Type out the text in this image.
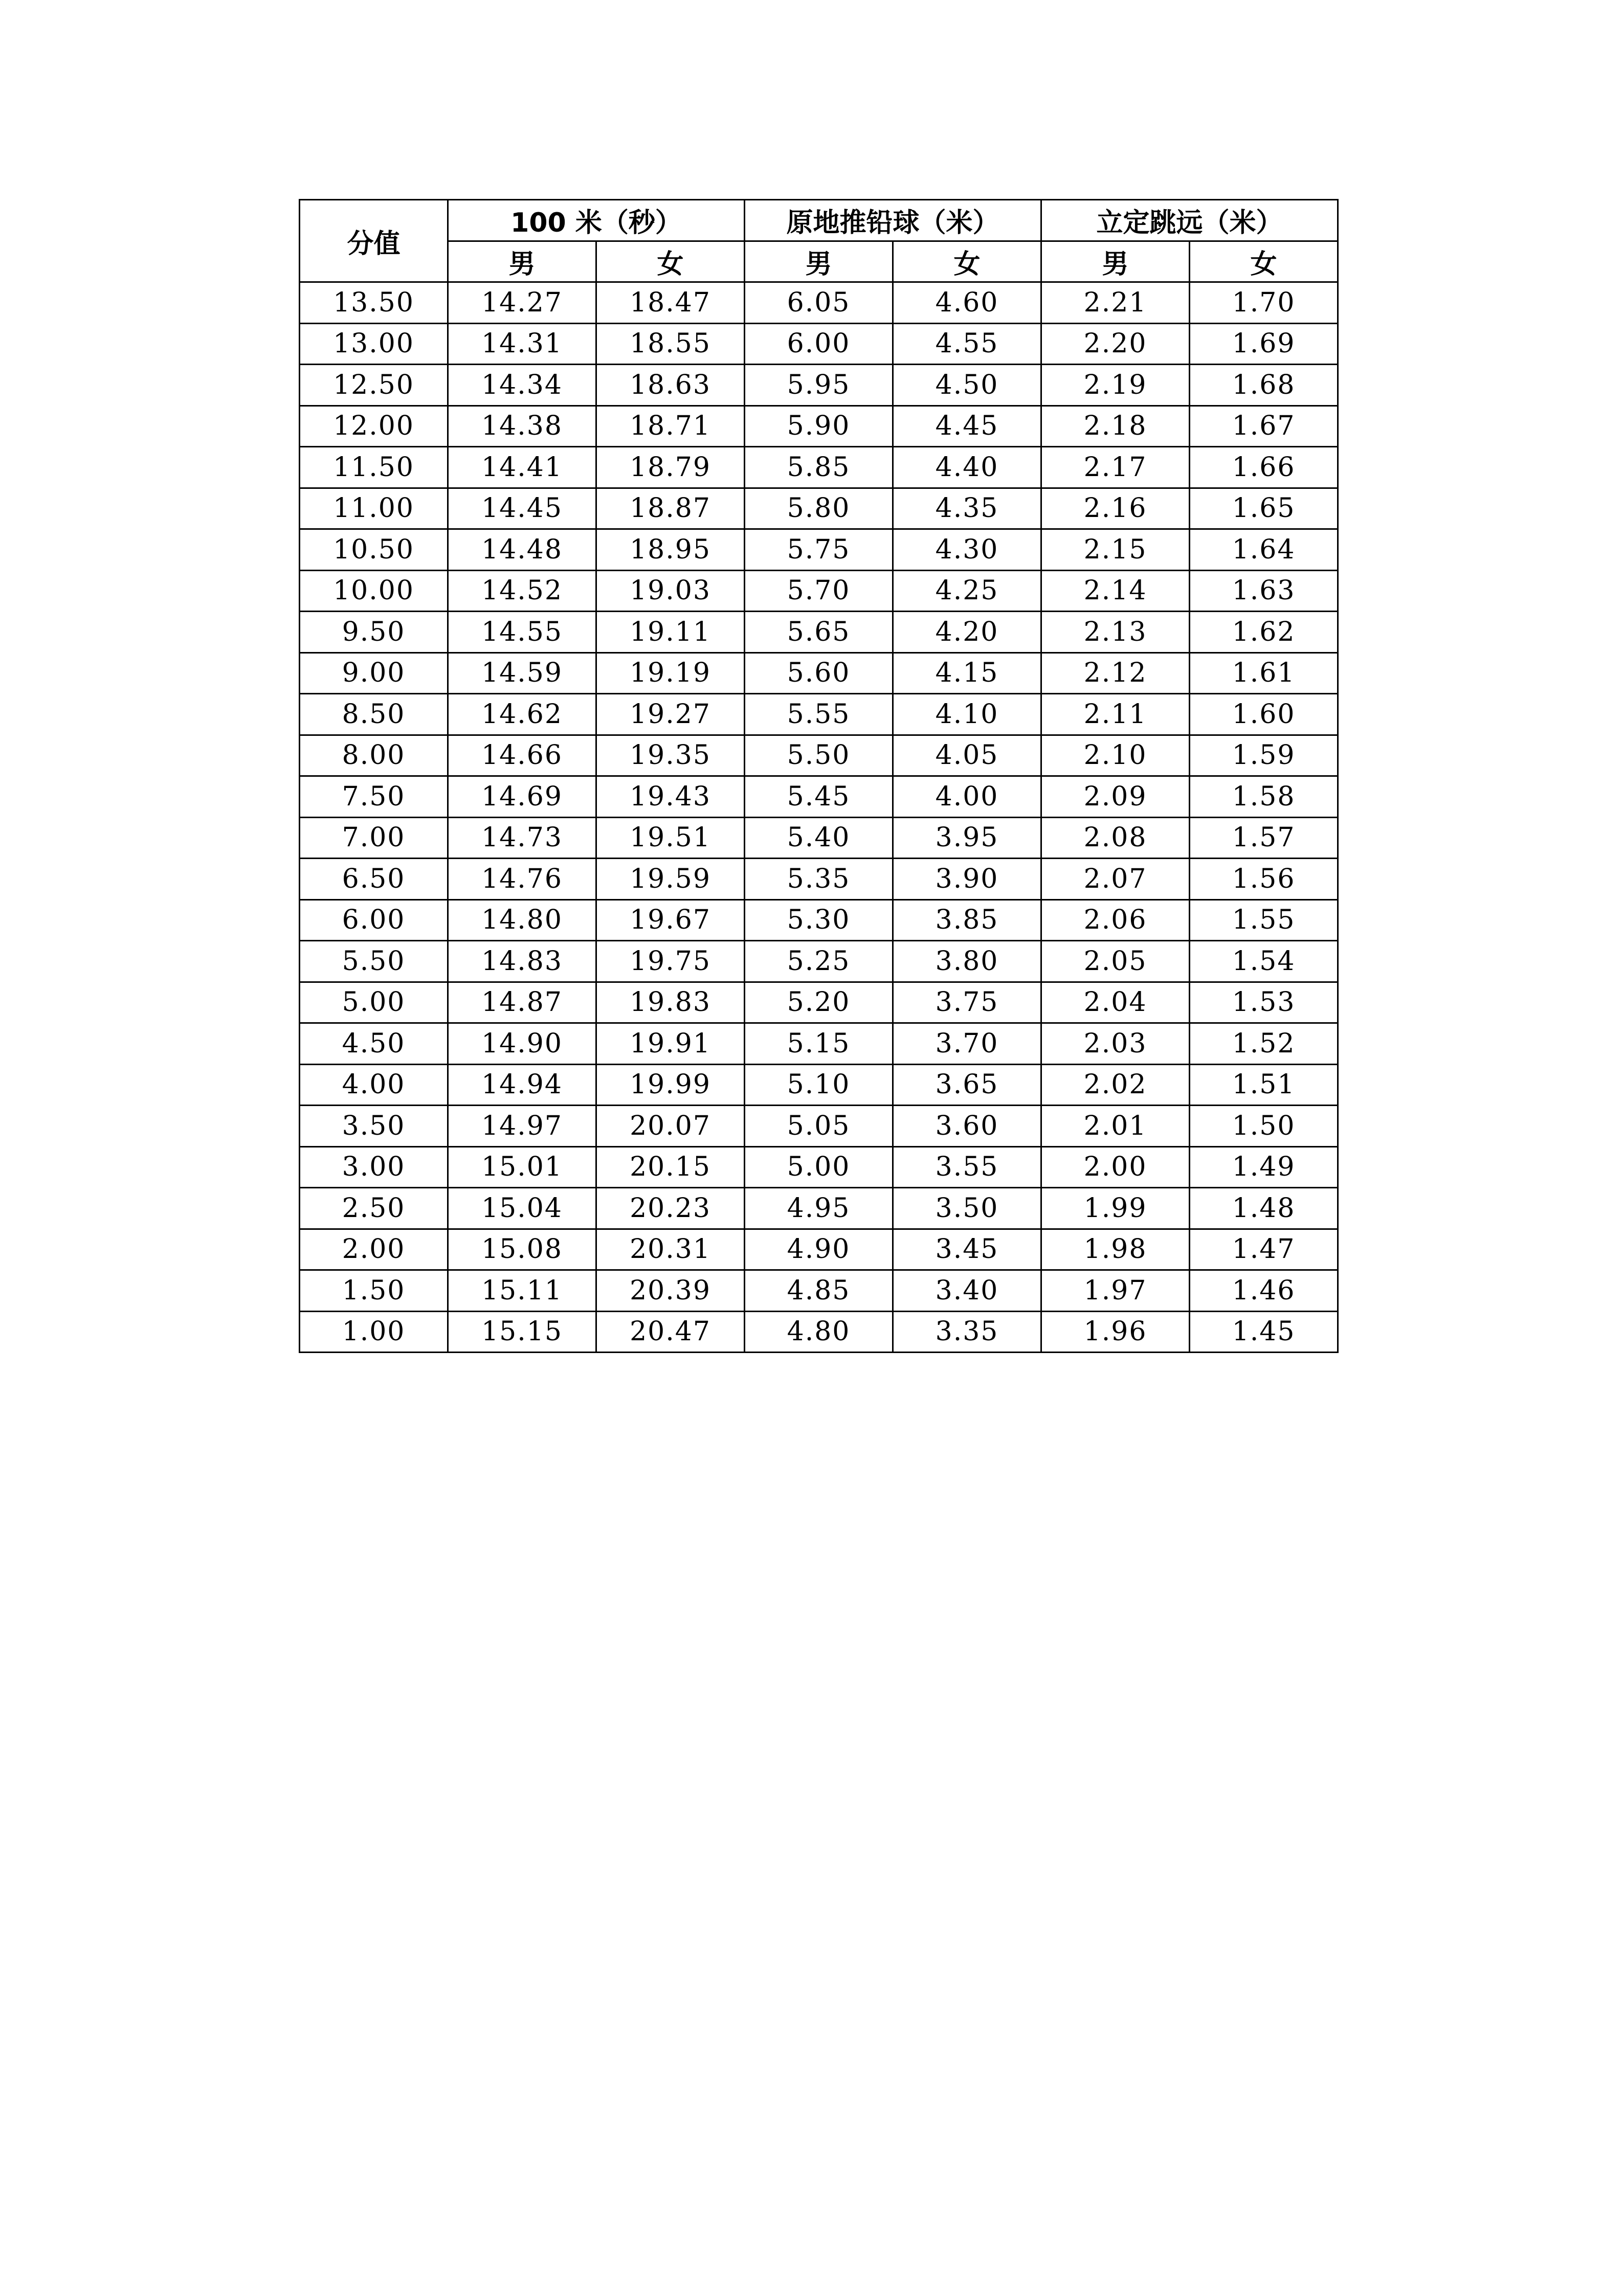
分值	100 米（秒）		原地推铅球（米）		立定跳远（米）	
	男	女	男	女	男	女
13.50	14.27	18.47	6.05	4.60	2.21	1.70
13.00	14.31	18.55	6.00	4.55	2.20	1.69
12.50	14.34	18.63	5.95	4.50	2.19	1.68
12.00	14.38	18.71	5.90	4.45	2.18	1.67
11.50	14.41	18.79	5.85	4.40	2.17	1.66
11.00	14.45	18.87	5.80	4.35	2.16	1.65
10.50	14.48	18.95	5.75	4.30	2.15	1.64
10.00	14.52	19.03	5.70	4.25	2.14	1.63
9.50	14.55	19.11	5.65	4.20	2.13	1.62
9.00	14.59	19.19	5.60	4.15	2.12	1.61
8.50	14.62	19.27	5.55	4.10	2.11	1.60
8.00	14.66	19.35	5.50	4.05	2.10	1.59
7.50	14.69	19.43	5.45	4.00	2.09	1.58
7.00	14.73	19.51	5.40	3.95	2.08	1.57
6.50	14.76	19.59	5.35	3.90	2.07	1.56
6.00	14.80	19.67	5.30	3.85	2.06	1.55
5.50	14.83	19.75	5.25	3.80	2.05	1.54
5.00	14.87	19.83	5.20	3.75	2.04	1.53
4.50	14.90	19.91	5.15	3.70	2.03	1.52
4.00	14.94	19.99	5.10	3.65	2.02	1.51
3.50	14.97	20.07	5.05	3.60	2.01	1.50
3.00	15.01	20.15	5.00	3.55	2.00	1.49
2.50	15.04	20.23	4.95	3.50	1.99	1.48
2.00	15.08	20.31	4.90	3.45	1.98	1.47
1.50	15.11	20.39	4.85	3.40	1.97	1.46
1.00	15.15	20.47	4.80	3.35	1.96	1.45
